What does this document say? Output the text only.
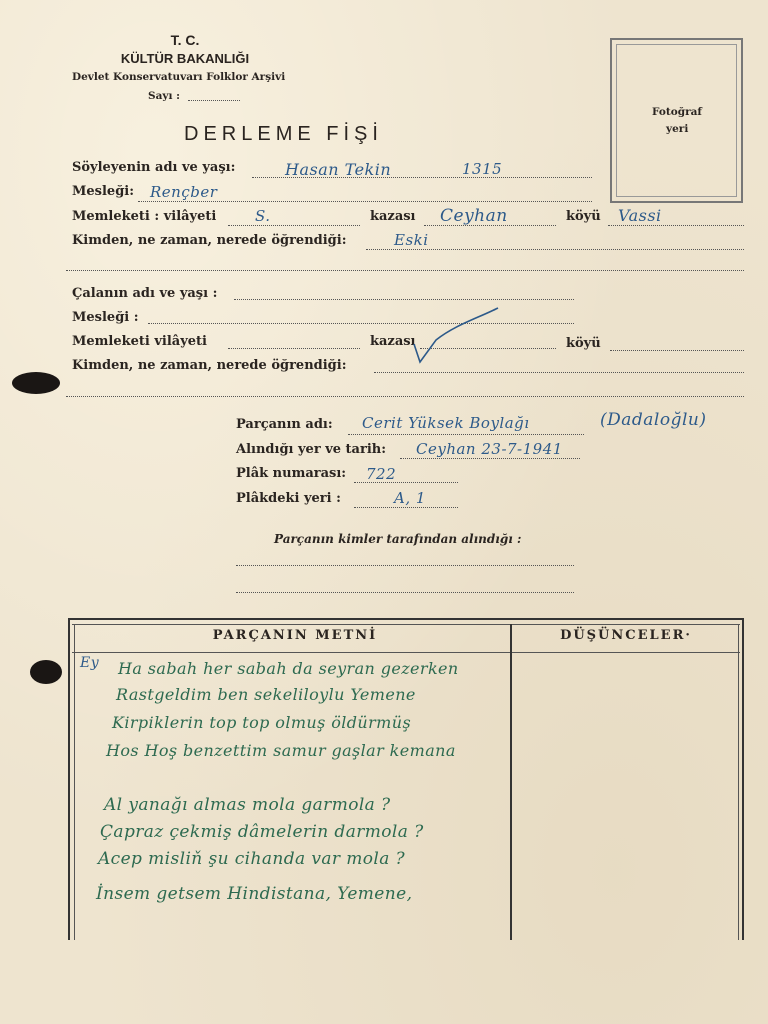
T. C.
KÜLTÜR BAKANLIĞI
Devlet Konservatuvarı Folklor Arşivi
Sayı :
Fotoğraf
yeri
DERLEME FİŞİ
Söyleyenin adı ve yaşı:	Hasan Tekin	1315
Mesleği: Rençber
Memleketi : vilâyeti	S.	kazası Ceyhan	köyü Vassi
Kimden, ne zaman, nerede öğrendiği:	Eski
Çalanın adı ve yaşı :
Mesleği :
Memleketi vilâyeti	kazası	köyü
Kimden, ne zaman, nerede öğrendiği:
Parçanın adı: Cerit Yüksek Boylağı	(Dadaloğlu)
Alındığı yer ve tarih: Ceyhan 23-7-1941
Plâk numarası: 722
Plâkdeki yeri :	A, 1
Parçanın kimler tarafından alındığı :
PARÇANIN METNİ	DÜŞÜNCELER·
Ey Ha sabah her sabah da seyran gezerken
Rastgeldim ben sekeliloylu Yemene
Kirpiklerin top top olmuş öldürmüş
Hos Hoş benzettim samur gaşlar kemana
Al yanağı almas mola garmola ?
Çapraz çekmiş dâmelerin darmola ?
Acep misliň şu cihanda var mola ?
İnsem getsem Hindistana, Yemene,
